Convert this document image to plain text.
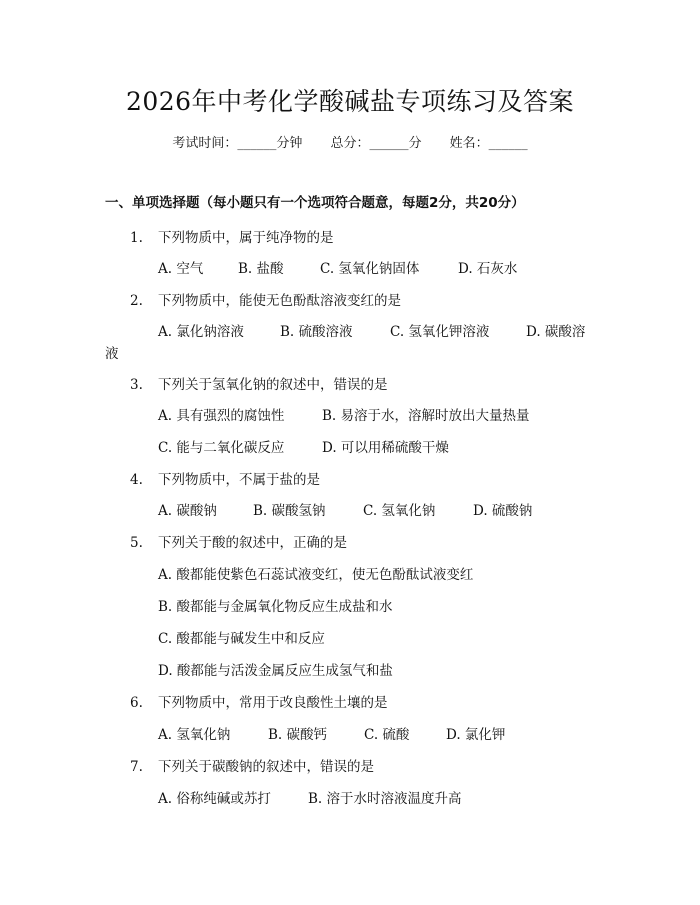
2026年中考化学酸碱盐专项练习及答案
考试时间：______分钟 总分：______分 姓名：______
一、单项选择题（每小题只有一个选项符合题意，每题2分，共20分）
1. 下列物质中，属于纯净物的是
A. 空气	B. 盐酸	C. 氢氧化钠固体	D. 石灰水
2. 下列物质中，能使无色酚酞溶液变红的是
A. 氯化钠溶液	B. 硫酸溶液	C. 氢氧化钾溶液	D. 碳酸溶
液
3. 下列关于氢氧化钠的叙述中，错误的是
A. 具有强烈的腐蚀性	B. 易溶于水，溶解时放出大量热量
C. 能与二氧化碳反应	D. 可以用稀硫酸干燥
4. 下列物质中，不属于盐的是
A. 碳酸钠	B. 碳酸氢钠	C. 氢氧化钠	D. 硫酸钠
5. 下列关于酸的叙述中，正确的是
A. 酸都能使紫色石蕊试液变红，使无色酚酞试液变红
B. 酸都能与金属氧化物反应生成盐和水
C. 酸都能与碱发生中和反应
D. 酸都能与活泼金属反应生成氢气和盐
6. 下列物质中，常用于改良酸性土壤的是
A. 氢氧化钠	B. 碳酸钙	C. 硫酸	D. 氯化钾
7. 下列关于碳酸钠的叙述中，错误的是
A. 俗称纯碱或苏打	B. 溶于水时溶液温度升高
